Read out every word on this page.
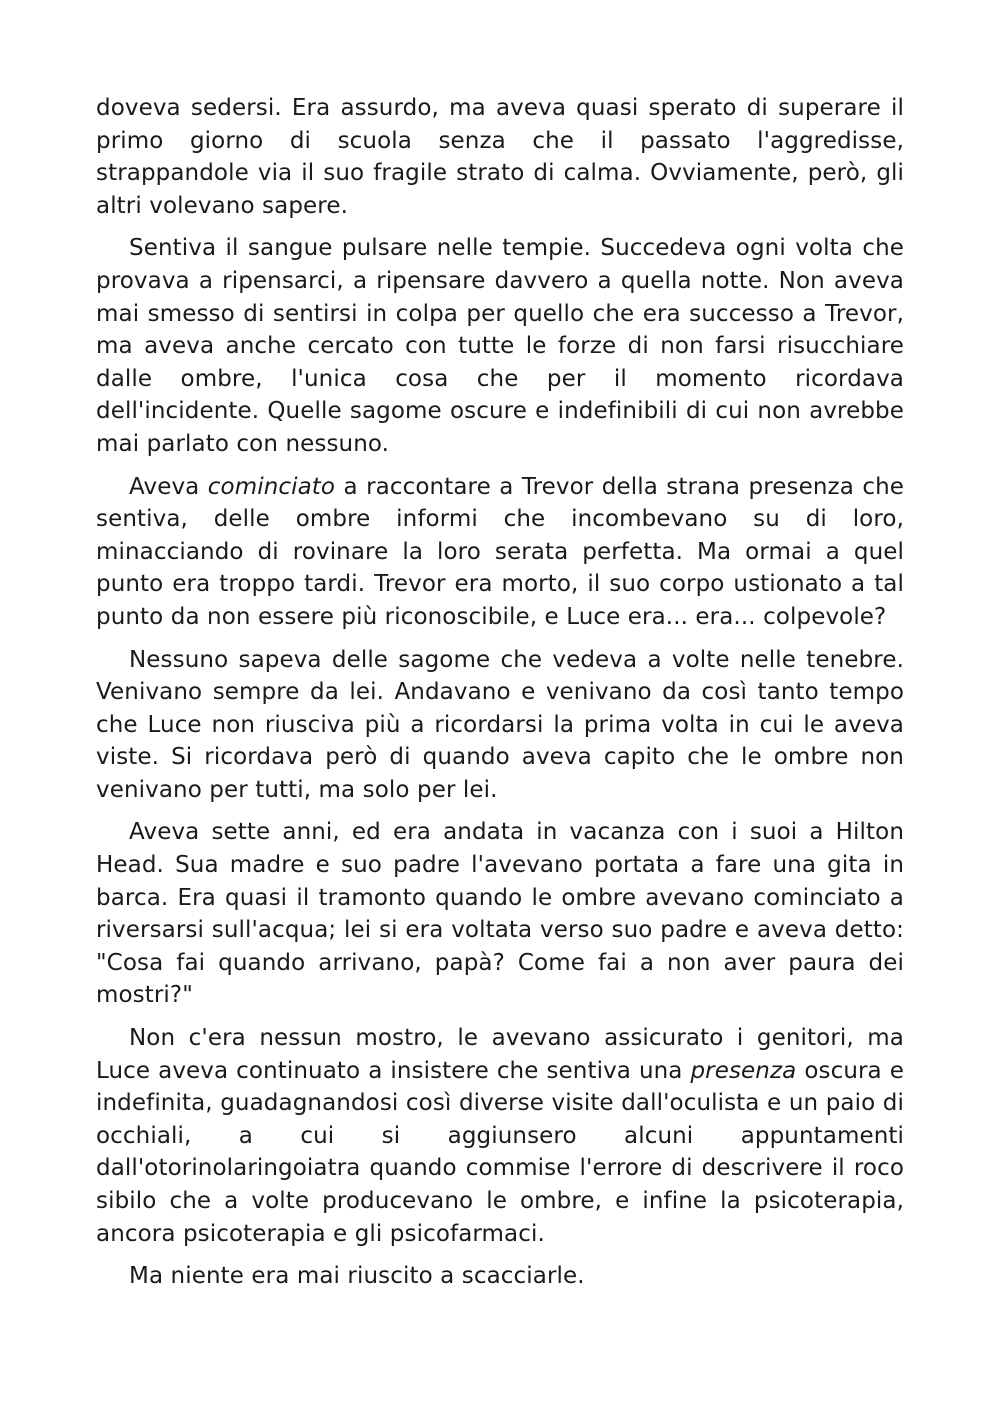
doveva sedersi. Era assurdo, ma aveva quasi sperato di superare il primo giorno di scuola senza che il passato l'aggredisse, strappandole via il suo fragile strato di calma. Ovviamente, però, gli altri volevano sapere.

Sentiva il sangue pulsare nelle tempie. Succedeva ogni volta che provava a ripensarci, a ripensare davvero a quella notte. Non aveva mai smesso di sentirsi in colpa per quello che era successo a Trevor, ma aveva anche cercato con tutte le forze di non farsi risucchiare dalle ombre, l'unica cosa che per il momento ricordava dell'incidente. Quelle sagome oscure e indefinibili di cui non avrebbe mai parlato con nessuno.

Aveva cominciato a raccontare a Trevor della strana presenza che sentiva, delle ombre informi che incombevano su di loro, minacciando di rovinare la loro serata perfetta. Ma ormai a quel punto era troppo tardi. Trevor era morto, il suo corpo ustionato a tal punto da non essere più riconoscibile, e Luce era... era... colpevole?

Nessuno sapeva delle sagome che vedeva a volte nelle tenebre. Venivano sempre da lei. Andavano e venivano da così tanto tempo che Luce non riusciva più a ricordarsi la prima volta in cui le aveva viste. Si ricordava però di quando aveva capito che le ombre non venivano per tutti, ma solo per lei.

Aveva sette anni, ed era andata in vacanza con i suoi a Hilton Head. Sua madre e suo padre l'avevano portata a fare una gita in barca. Era quasi il tramonto quando le ombre avevano cominciato a riversarsi sull'acqua; lei si era voltata verso suo padre e aveva detto: "Cosa fai quando arrivano, papà? Come fai a non aver paura dei mostri?"

Non c'era nessun mostro, le avevano assicurato i genitori, ma Luce aveva continuato a insistere che sentiva una presenza oscura e indefinita, guadagnandosi così diverse visite dall'oculista e un paio di occhiali, a cui si aggiunsero alcuni appuntamenti dall'otorinolaringoiatra quando commise l'errore di descrivere il roco sibilo che a volte producevano le ombre, e infine la psicoterapia, ancora psicoterapia e gli psicofarmaci.

Ma niente era mai riuscito a scacciarle.
